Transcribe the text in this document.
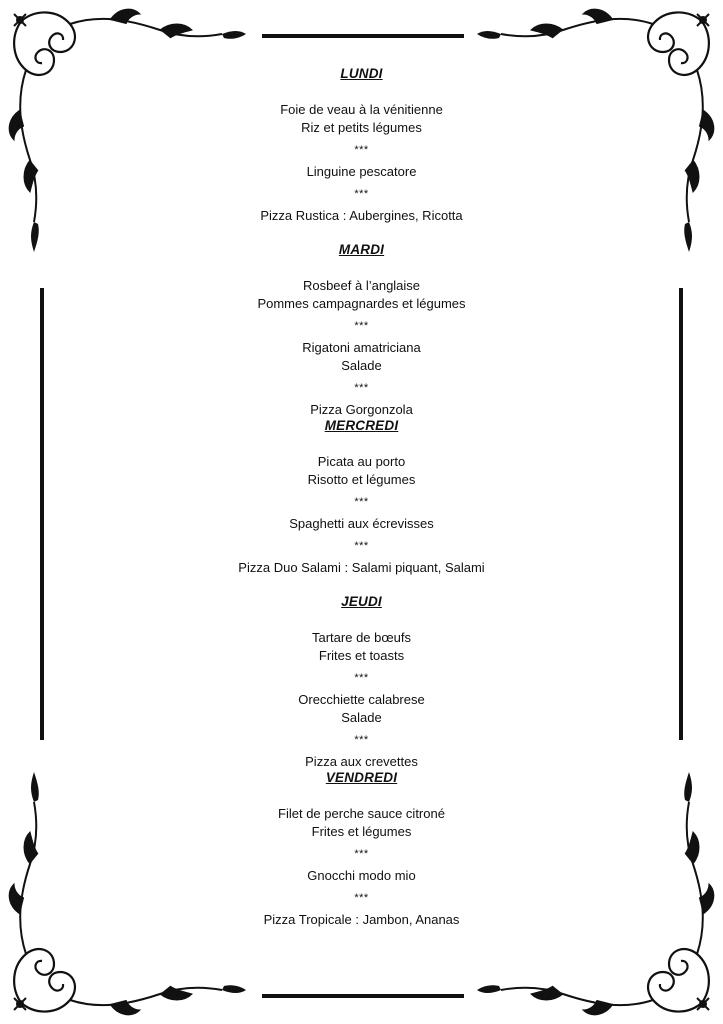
LUNDI
Foie de veau à la vénitienne
Riz et petits légumes
***
Linguine pescatore
***
Pizza Rustica : Aubergines, Ricotta
MARDI
Rosbeef à l’anglaise
Pommes campagnardes et légumes
***
Rigatoni amatriciana
Salade
***
Pizza Gorgonzola
MERCREDI
Picata au porto
Risotto et légumes
***
Spaghetti aux écrevisses
***
Pizza Duo Salami : Salami piquant, Salami
JEUDI
Tartare de bœufs
Frites et toasts
***
Orecchiette calabrese
Salade
***
Pizza aux crevettes
VENDREDI
Filet de perche sauce citroné
Frites et légumes
***
Gnocchi modo mio
***
Pizza Tropicale : Jambon, Ananas
